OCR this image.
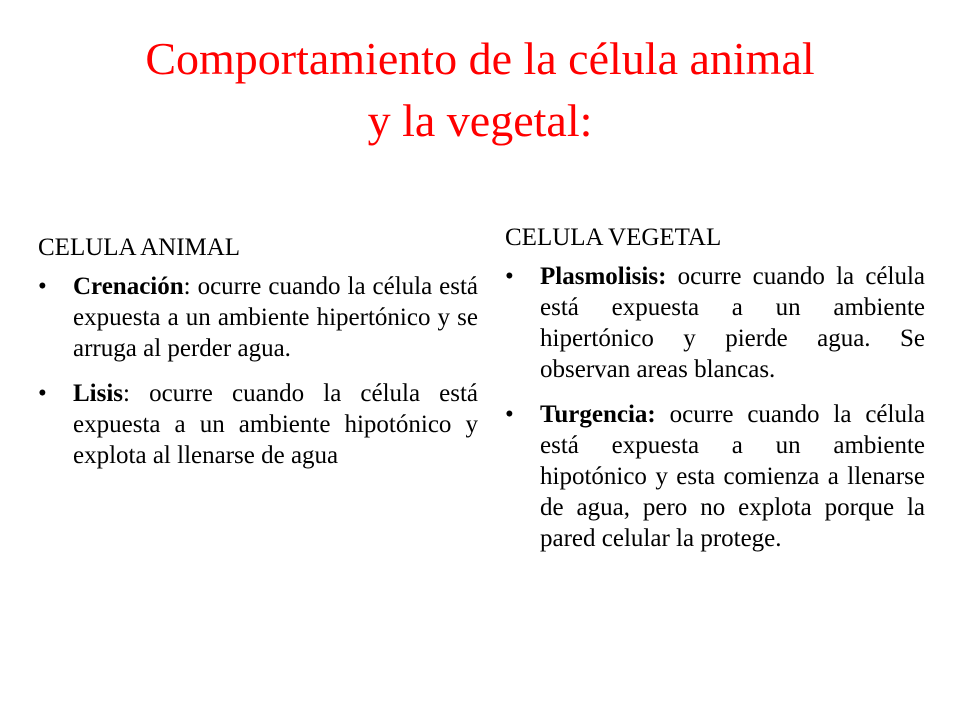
Comportamiento de la célula animal
y la vegetal:
CELULA ANIMAL
• Crenación: ocurre cuando la célula está expuesta a un ambiente hipertónico y se arruga al perder agua.
• Lisis: ocurre cuando la célula está expuesta a un ambiente hipotónico y explota al llenarse de agua
CELULA VEGETAL
• Plasmolisis: ocurre cuando la célula está expuesta a un ambiente hipertónico y pierde agua. Se observan areas blancas.
• Turgencia: ocurre cuando la célula está expuesta a un ambiente hipotónico y esta comienza a llenarse de agua, pero no explota porque la pared celular la protege.
